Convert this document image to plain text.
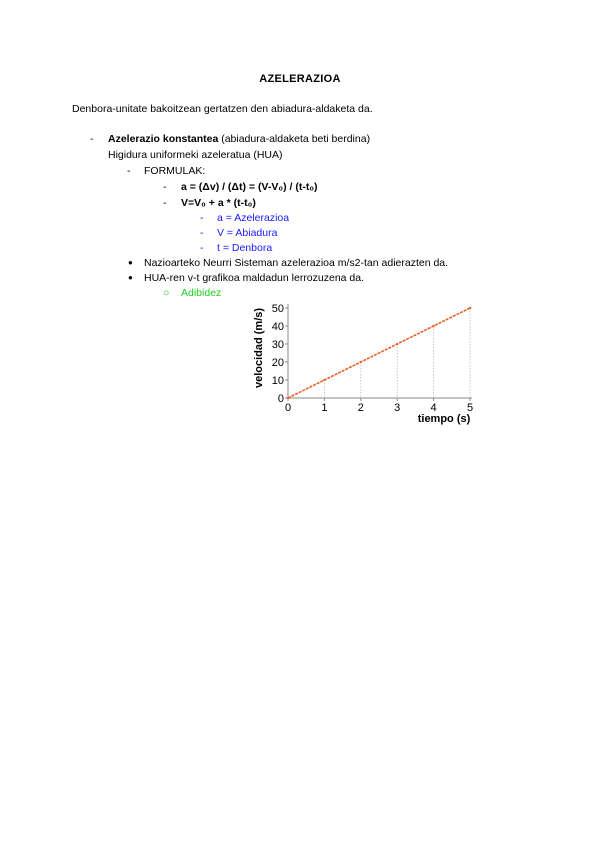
AZELERAZIOA
Denbora-unitate bakoitzean gertatzen den abiadura-aldaketa da.
- Azelerazio konstantea (abiadura-aldaketa beti berdina)
Higidura uniformeki azeleratua (HUA)
- FORMULAK:
- a = (Δv) / (Δt) = (V-V₀) / (t-t₀)
- V=V₀ + a * (t-t₀)
- a = Azelerazioa
- V = Abiadura
- t = Denbora
● Nazioarteko Neurri Sisteman azelerazioa m/s2-tan adierazten da.
● HUA-ren v-t grafikoa maldadun lerrozuzena da.
○ Adibidez
0	1	2	3	4	5
0
10
20
30
40
50
tiempo (s)
velocidad (m/s)
